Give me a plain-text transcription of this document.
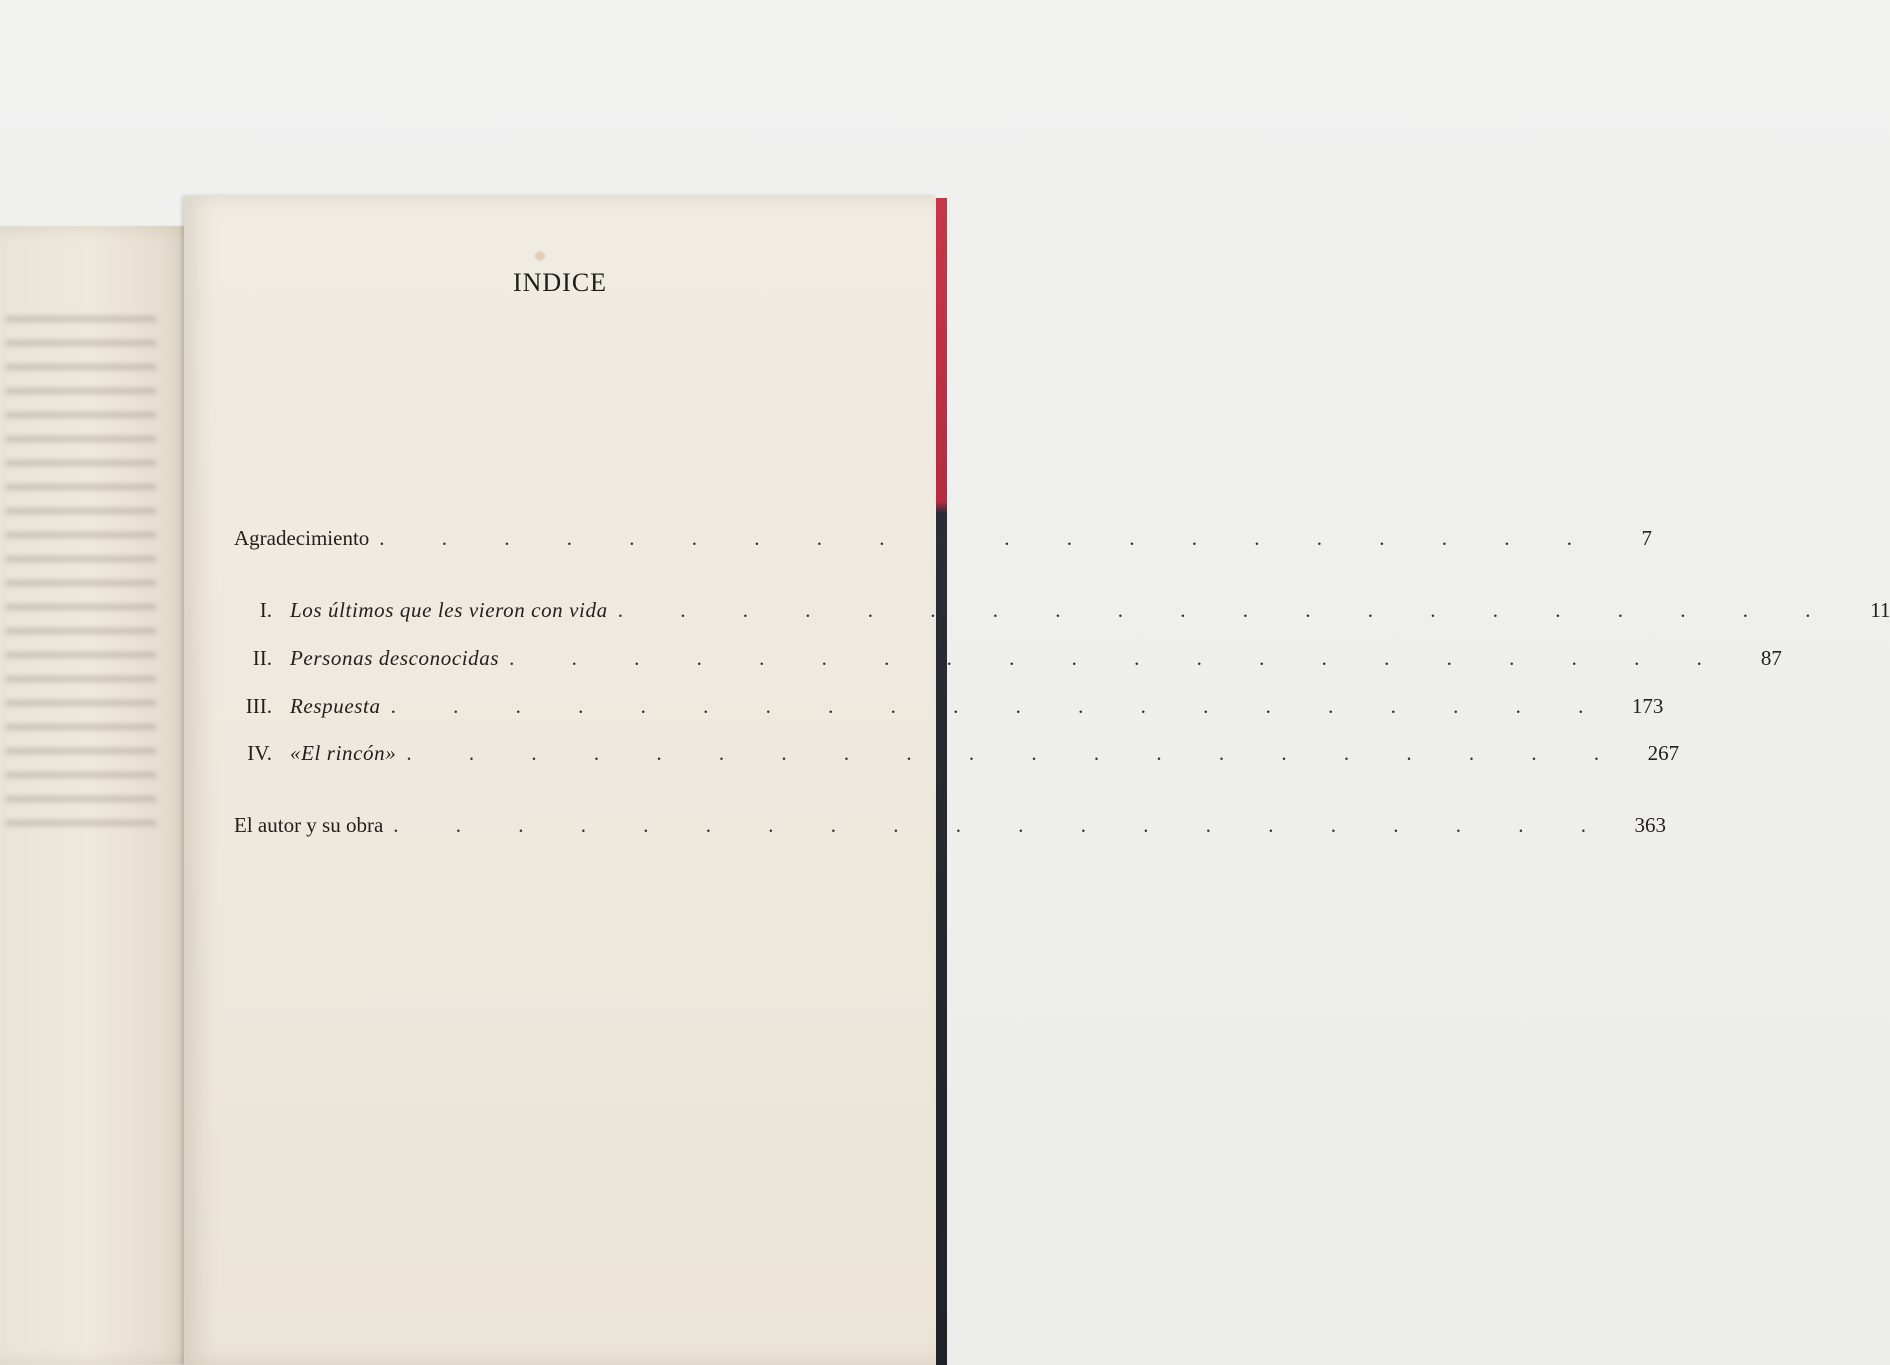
INDICE
Agradecimiento . . . . . . . . . . . . . . . . . . . .	7
I. Los últimos que les vieron con vida . . . . . . . . . . . . . . . . . . . .	11
II. Personas desconocidas . . . . . . . . . . . . . . . . . . . .	87
III. Respuesta . . . . . . . . . . . . . . . . . . . .	173
IV. «El rincón» . . . . . . . . . . . . . . . . . . . .	267
El autor y su obra . . . . . . . . . . . . . . . . . . . .	363
